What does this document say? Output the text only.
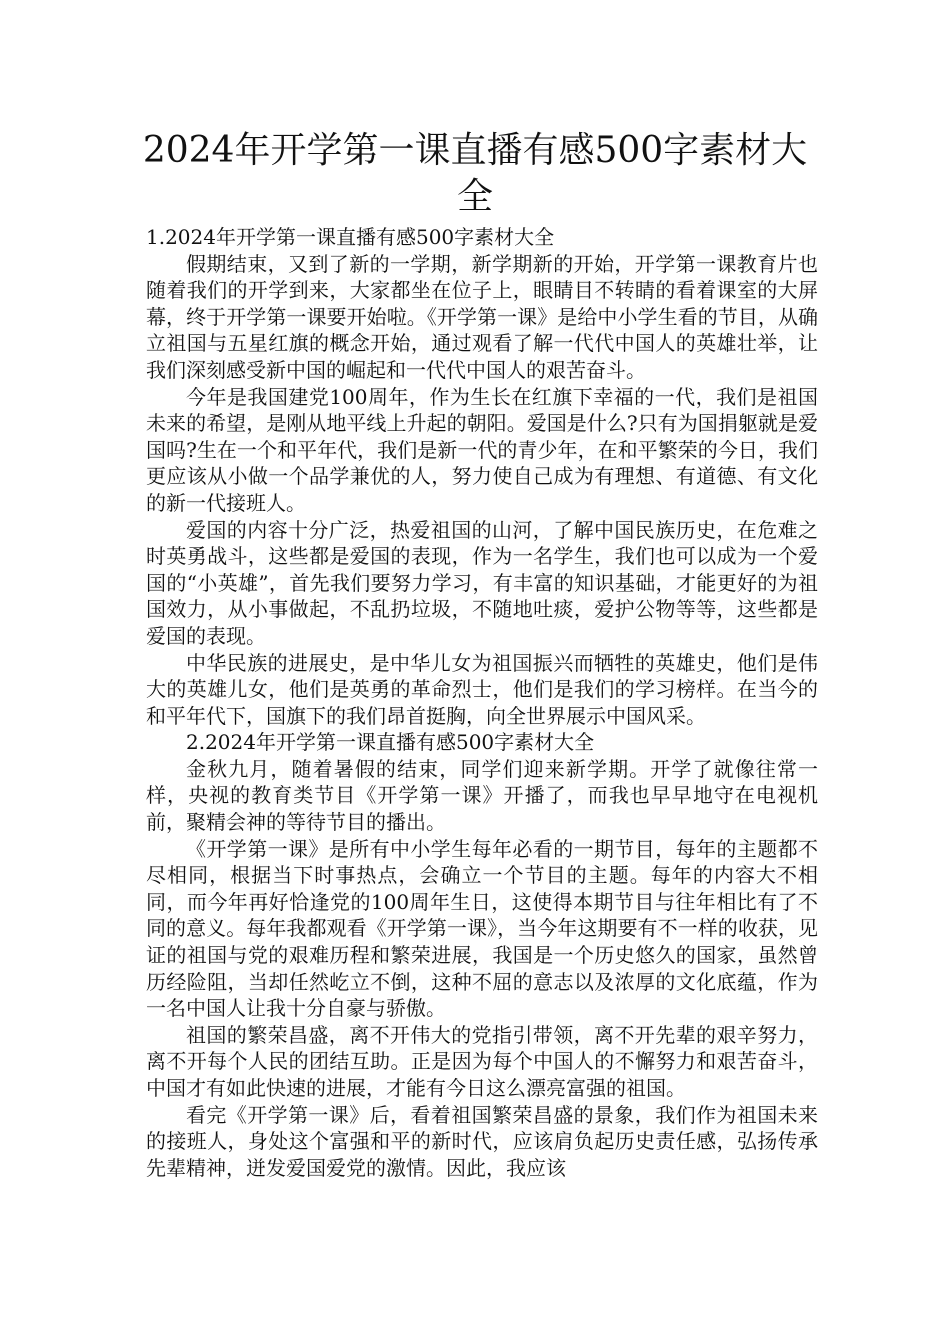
2024年开学第一课直播有感500字素材大全

1.2024年开学第一课直播有感500字素材大全

假期结束，又到了新的一学期，新学期新的开始，开学第一课教育片也随着我们的开学到来，大家都坐在位子上，眼睛目不转睛的看着课室的大屏幕，终于开学第一课要开始啦。《开学第一课》是给中小学生看的节目，从确立祖国与五星红旗的概念开始，通过观看了解一代代中国人的英雄壮举，让我们深刻感受新中国的崛起和一代代中国人的艰苦奋斗。

今年是我国建党100周年，作为生长在红旗下幸福的一代，我们是祖国未来的希望，是刚从地平线上升起的朝阳。爱国是什么?只有为国捐躯就是爱国吗?生在一个和平年代，我们是新一代的青少年，在和平繁荣的今日，我们更应该从小做一个品学兼优的人，努力使自己成为有理想、有道德、有文化的新一代接班人。

爱国的内容十分广泛，热爱祖国的山河，了解中国民族历史，在危难之时英勇战斗，这些都是爱国的表现，作为一名学生，我们也可以成为一个爱国的“小英雄”，首先我们要努力学习，有丰富的知识基础，才能更好的为祖国效力，从小事做起，不乱扔垃圾，不随地吐痰，爱护公物等等，这些都是爱国的表现。

中华民族的进展史，是中华儿女为祖国振兴而牺牲的英雄史，他们是伟大的英雄儿女，他们是英勇的革命烈士，他们是我们的学习榜样。在当今的和平年代下，国旗下的我们昂首挺胸，向全世界展示中国风采。

2.2024年开学第一课直播有感500字素材大全

金秋九月，随着暑假的结束，同学们迎来新学期。开学了就像往常一样，央视的教育类节目《开学第一课》开播了，而我也早早地守在电视机前，聚精会神的等待节目的播出。

《开学第一课》是所有中小学生每年必看的一期节目，每年的主题都不尽相同，根据当下时事热点，会确立一个节目的主题。每年的内容大不相同，而今年再好恰逢党的100周年生日，这使得本期节目与往年相比有了不同的意义。每年我都观看《开学第一课》，当今年这期要有不一样的收获，见证的祖国与党的艰难历程和繁荣进展，我国是一个历史悠久的国家，虽然曾历经险阻，当却任然屹立不倒，这种不屈的意志以及浓厚的文化底蕴，作为一名中国人让我十分自豪与骄傲。

祖国的繁荣昌盛，离不开伟大的党指引带领，离不开先辈的艰辛努力，离不开每个人民的团结互助。正是因为每个中国人的不懈努力和艰苦奋斗，中国才有如此快速的进展，才能有今日这么漂亮富强的祖国。

看完《开学第一课》后，看着祖国繁荣昌盛的景象，我们作为祖国未来的接班人，身处这个富强和平的新时代，应该肩负起历史责任感，弘扬传承先辈精神，迸发爱国爱党的激情。因此，我应该
